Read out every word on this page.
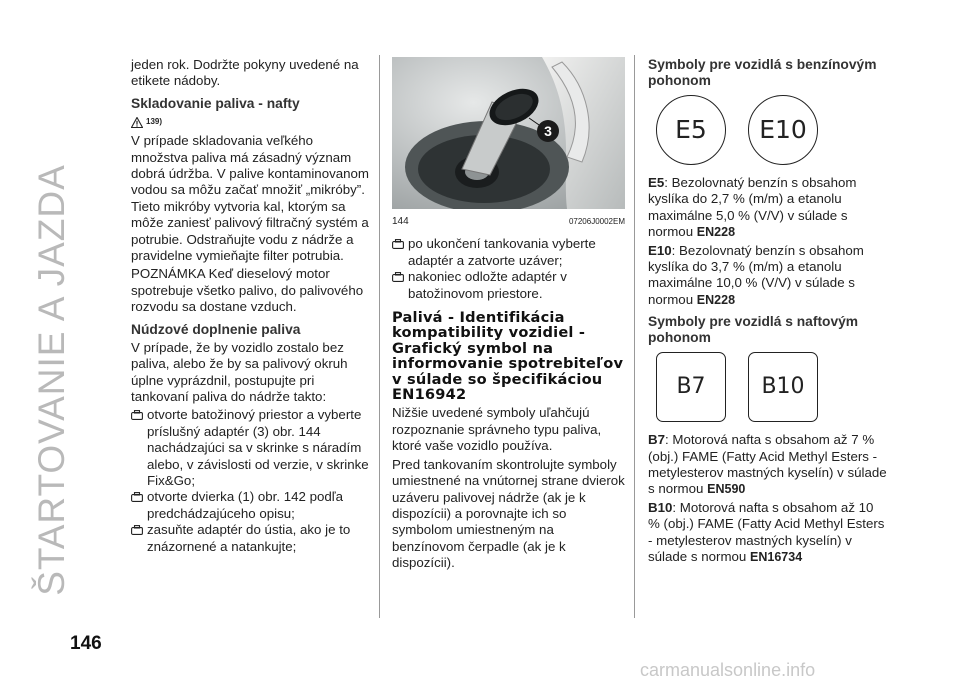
ŠTARTOVANIE A JAZDA
146

jeden rok. Dodržte pokyny uvedené na etikete nádoby.

Skladovanie paliva - nafty
139)

V prípade skladovania veľkého množstva paliva má zásadný význam dobrá údržba. V palive kontaminovanom vodou sa môžu začať množiť „mikróby”. Tieto mikróby vytvoria kal, ktorým sa môže zaniesť palivový filtračný systém a potrubie. Odstraňujte vodu z nádrže a pravidelne vymieňajte filter potrubia.

POZNÁMKA Keď dieselový motor spotrebuje všetko palivo, do palivového rozvodu sa dostane vzduch.

Núdzové doplnenie paliva

V prípade, že by vozidlo zostalo bez paliva, alebo že by sa palivový okruh úplne vyprázdnil, postupujte pri tankovaní paliva do nádrže takto:

otvorte batožinový priestor a vyberte príslušný adaptér (3) obr. 144 nachádzajúci sa v skrinke s náradím alebo, v závislosti od verzie, v skrinke Fix&Go;
otvorte dvierka (1) obr. 142 podľa predchádzajúceho opisu;
zasuňte adaptér do ústia, ako je to znázornené a natankujte;
3
144	07206J0002EM
po ukončení tankovania vyberte adaptér a zatvorte uzáver;
nakoniec odložte adaptér v batožinovom priestore.
Palivá - Identifikácia kompatibility vozidiel - Grafický symbol na informovanie spotrebiteľov v súlade so špecifikáciou EN16942

Nižšie uvedené symboly uľahčujú rozpoznanie správneho typu paliva, ktoré vaše vozidlo používa.

Pred tankovaním skontrolujte symboly umiestnené na vnútornej strane dvierok uzáveru palivovej nádrže (ak je k dispozícii) a porovnajte ich so symbolom umiestneným na benzínovom čerpadle (ak je k dispozícii).

Symboly pre vozidlá s benzínovým pohonom
E5	E10

E5: Bezolovnatý benzín s obsahom kyslíka do 2,7 % (m/m) a etanolu maximálne 5,0 % (V/V) v súlade s normou EN228

E10: Bezolovnatý benzín s obsahom kyslíka do 3,7 % (m/m) a etanolu maximálne 10,0 % (V/V) v súlade s normou EN228

Symboly pre vozidlá s naftovým pohonom
B7	B10

B7: Motorová nafta s obsahom až 7 % (obj.) FAME (Fatty Acid Methyl Esters - metylesterov mastných kyselín) v súlade s normou EN590

B10: Motorová nafta s obsahom až 10 % (obj.) FAME (Fatty Acid Methyl Esters - metylesterov mastných kyselín) v súlade s normou EN16734

carmanualsonline.info
